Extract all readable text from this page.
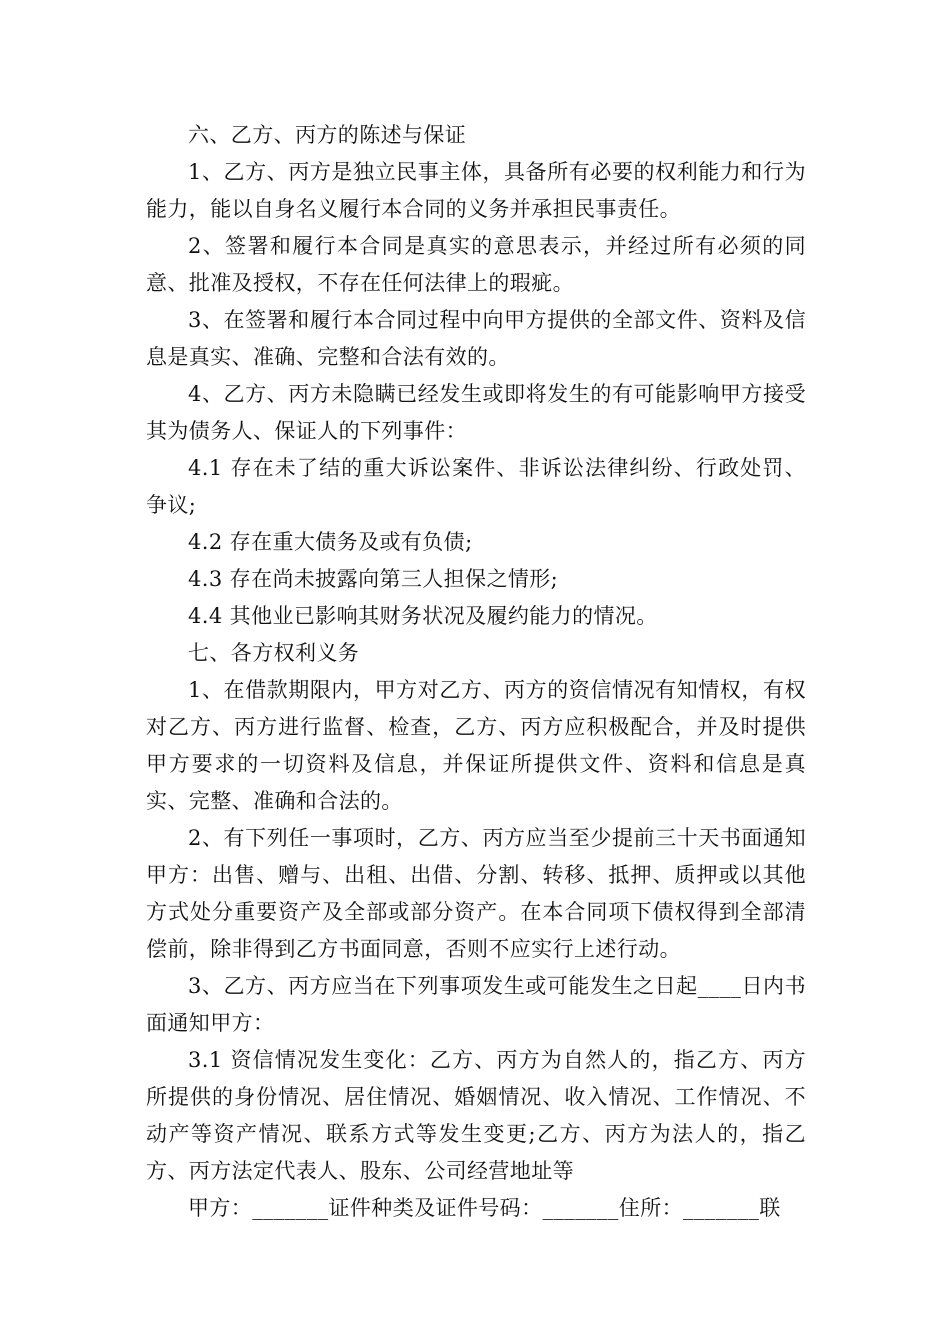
六、乙方、丙方的陈述与保证

1、乙方、丙方是独立民事主体，具备所有必要的权利能力和行为能力，能以自身名义履行本合同的义务并承担民事责任。

2、签署和履行本合同是真实的意思表示，并经过所有必须的同意、批准及授权，不存在任何法律上的瑕疵。

3、在签署和履行本合同过程中向甲方提供的全部文件、资料及信息是真实、准确、完整和合法有效的。

4、乙方、丙方未隐瞒已经发生或即将发生的有可能影响甲方接受其为债务人、保证人的下列事件：

4.1 存在未了结的重大诉讼案件、非诉讼法律纠纷、行政处罚、争议;

4.2 存在重大债务及或有负债;

4.3 存在尚未披露向第三人担保之情形;

4.4 其他业已影响其财务状况及履约能力的情况。

七、各方权利义务

1、在借款期限内，甲方对乙方、丙方的资信情况有知情权，有权对乙方、丙方进行监督、检查，乙方、丙方应积极配合，并及时提供甲方要求的一切资料及信息，并保证所提供文件、资料和信息是真实、完整、准确和合法的。

2、有下列任一事项时，乙方、丙方应当至少提前三十天书面通知甲方：出售、赠与、出租、出借、分割、转移、抵押、质押或以其他方式处分重要资产及全部或部分资产。在本合同项下债权得到全部清偿前，除非得到乙方书面同意，否则不应实行上述行动。

3、乙方、丙方应当在下列事项发生或可能发生之日起____日内书面通知甲方：

3.1 资信情况发生变化：乙方、丙方为自然人的，指乙方、丙方所提供的身份情况、居住情况、婚姻情况、收入情况、工作情况、不动产等资产情况、联系方式等发生变更;乙方、丙方为法人的，指乙方、丙方法定代表人、股东、公司经营地址等

甲方：_______证件种类及证件号码：_______住所：_______联
